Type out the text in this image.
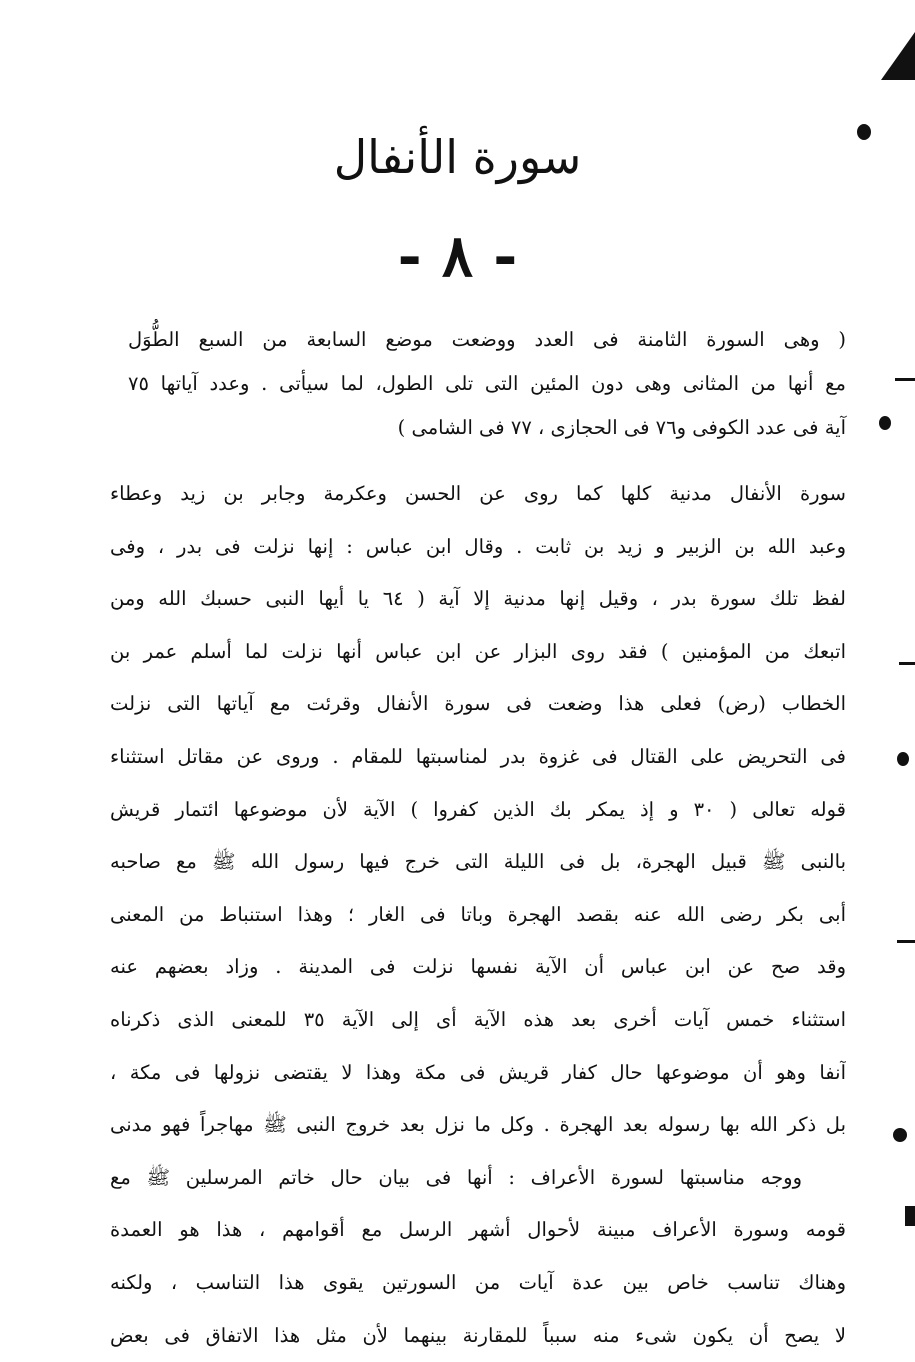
سورة الأنفال
- ٨ -
( وهى السورة الثامنة فى العدد ووضعت موضع السابعة من السبع الطُّوَل
مع أنها من المثانى وهى دون المئين التى تلى الطول، لما سيأتى . وعدد آياتها ٧٥
آية فى عدد الكوفى و٧٦ فى الحجازى ، ٧٧ فى الشامى )
سورة الأنفال مدنية كلها كما روى عن الحسن وعكرمة وجابر بن زيد وعطاء
وعبد الله بن الزبير و زيد بن ثابت . وقال ابن عباس : إنها نزلت فى بدر ، وفى
لفظ تلك سورة بدر ، وقيل إنها مدنية إلا آية ( ٦٤ يا أيها النبى حسبك الله ومن
اتبعك من المؤمنين ) فقد روى البزار عن ابن عباس أنها نزلت لما أسلم عمر بن
الخطاب (رض) فعلى هذا وضعت فى سورة الأنفال وقرئت مع آياتها التى نزلت
فى التحريض على القتال فى غزوة بدر لمناسبتها للمقام . وروى عن مقاتل استثناء
قوله تعالى ( ٣٠ و إذ يمكر بك الذين كفروا ) الآية لأن موضوعها ائتمار قريش
بالنبى ﷺ قبيل الهجرة، بل فى الليلة التى خرج فيها رسول الله ﷺ مع صاحبه
أبى بكر رضى الله عنه بقصد الهجرة وباتا فى الغار ؛ وهذا استنباط من المعنى
وقد صح عن ابن عباس أن الآية نفسها نزلت فى المدينة . وزاد بعضهم عنه
استثناء خمس آيات أخرى بعد هذه الآية أى إلى الآية ٣٥ للمعنى الذى ذكرناه
آنفا وهو أن موضوعها حال كفار قريش فى مكة وهذا لا يقتضى نزولها فى مكة ،
بل ذكر الله بها رسوله بعد الهجرة . وكل ما نزل بعد خروج النبى ﷺ مهاجراً فهو مدنى
ووجه مناسبتها لسورة الأعراف : أنها فى بيان حال خاتم المرسلين ﷺ مع
قومه وسورة الأعراف مبينة لأحوال أشهر الرسل مع أقوامهم ، هذا هو العمدة
وهناك تناسب خاص بين عدة آيات من السورتين يقوى هذا التناسب ، ولكنه
لا يصح أن يكون شىء منه سبباً للمقارنة بينهما لأن مثل هذا الاتفاق فى بعض
